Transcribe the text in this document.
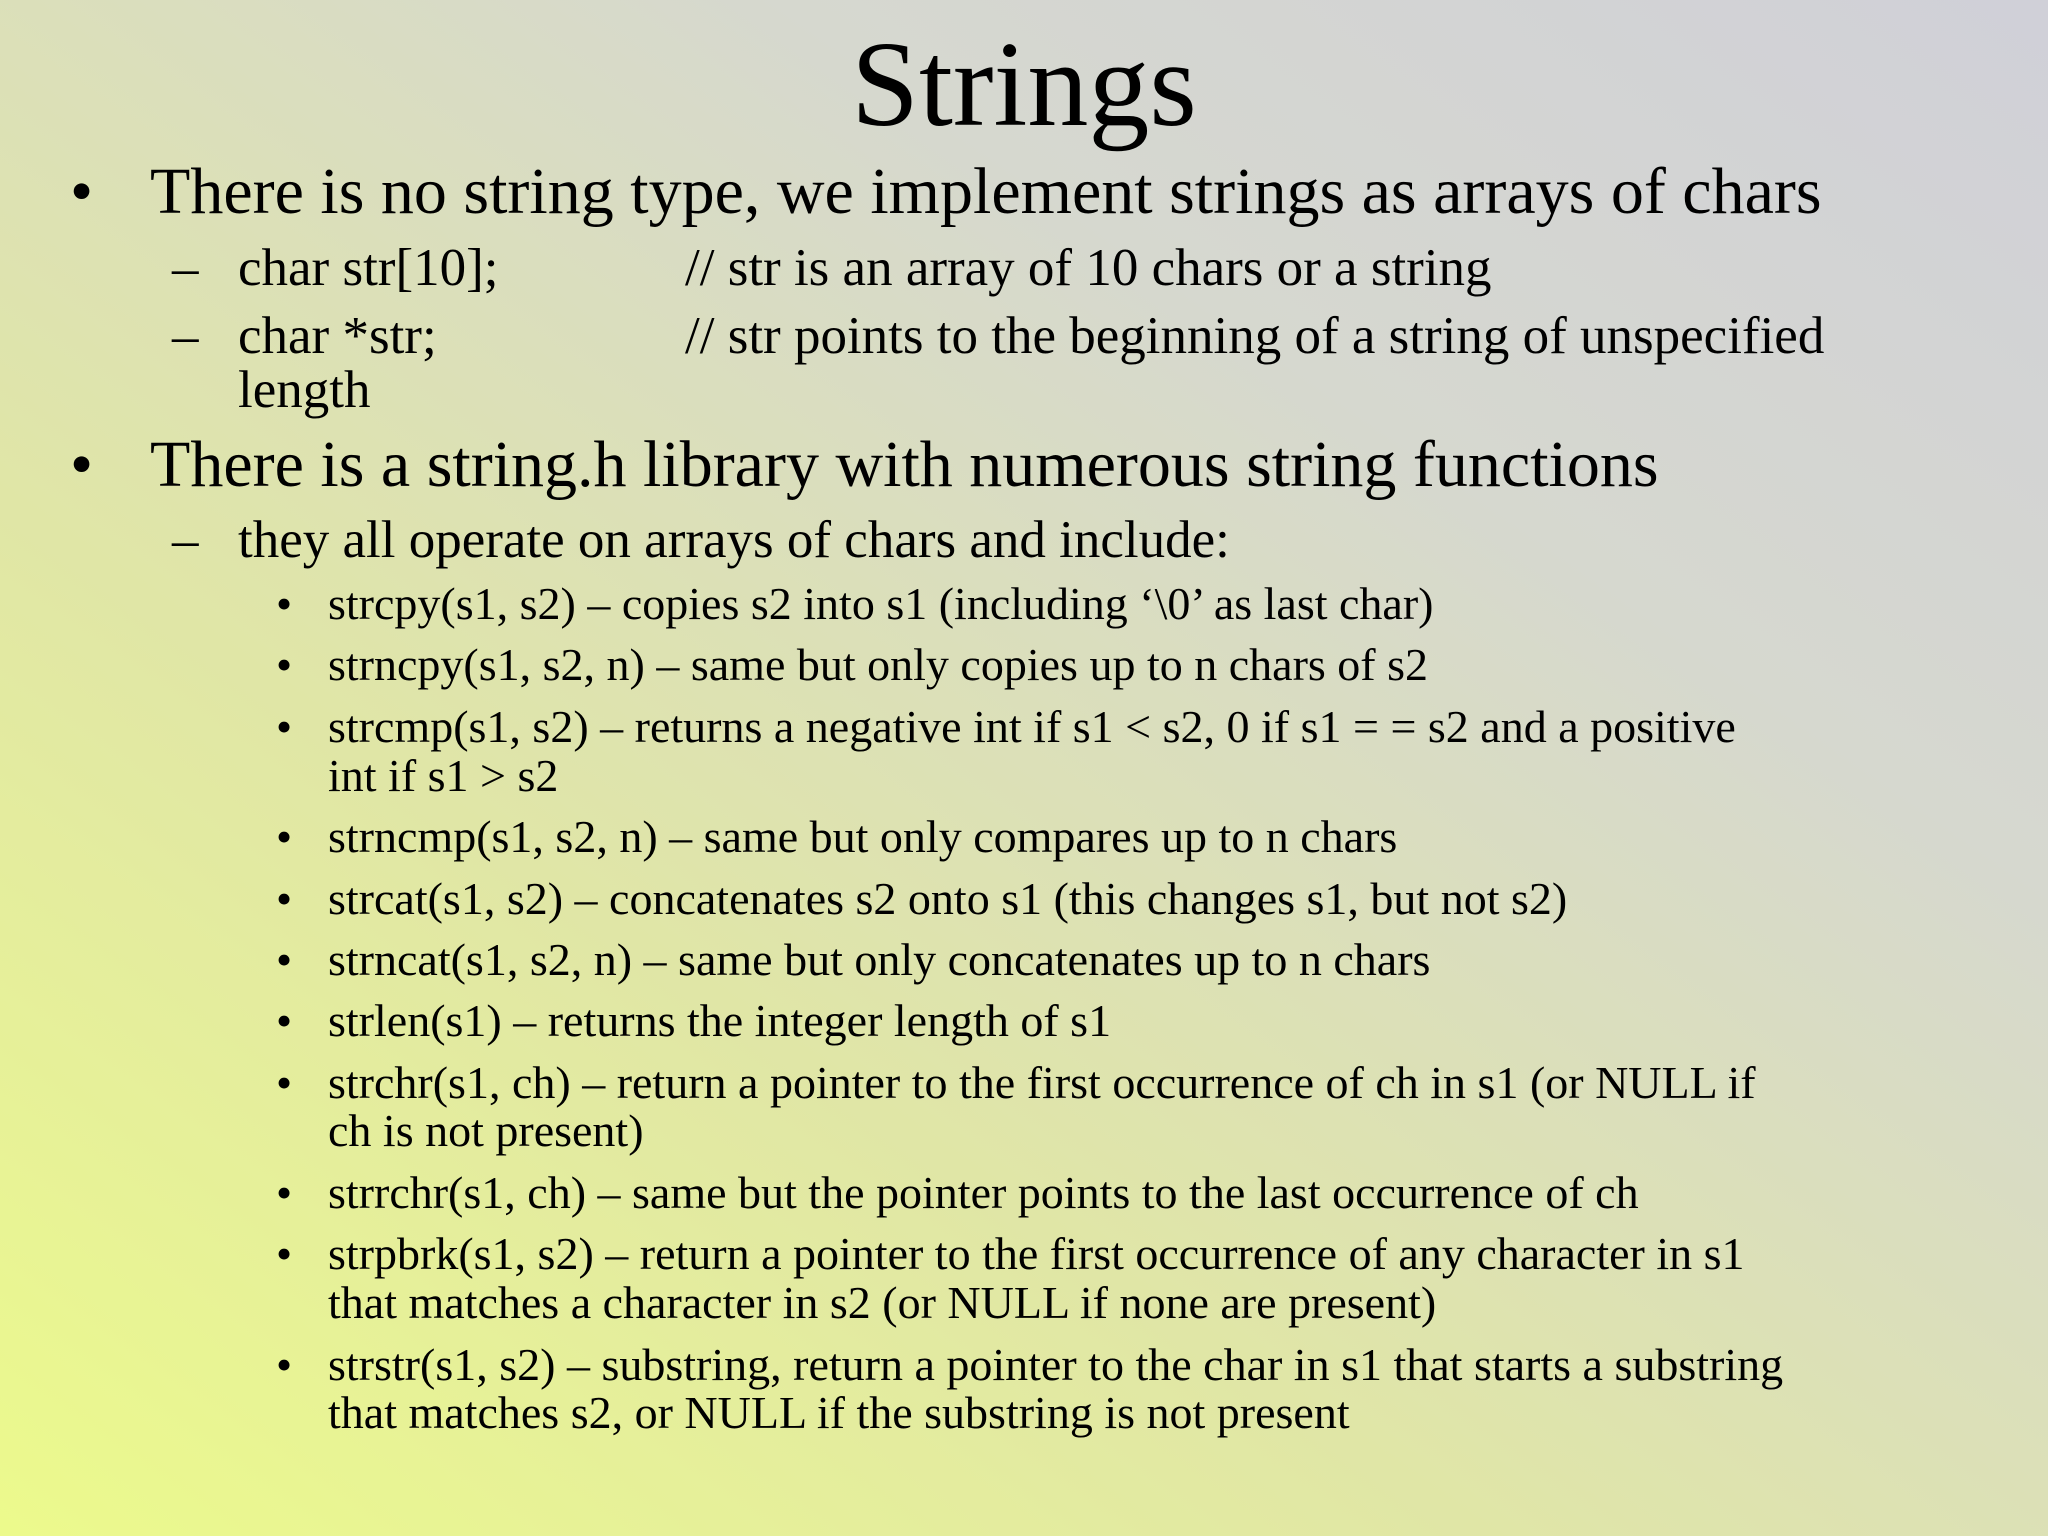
Strings
• There is no string type, we implement strings as arrays of chars
– char str[10];	// str is an array of 10 chars or a string
– char *str;	// str points to the beginning of a string of unspecified
length
• There is a string.h library with numerous string functions
– they all operate on arrays of chars and include:
• strcpy(s1, s2) – copies s2 into s1 (including ‘\0’ as last char)
• strncpy(s1, s2, n) – same but only copies up to n chars of s2
• strcmp(s1, s2) – returns a negative int if s1 < s2, 0 if s1 = = s2 and a positive
int if s1 > s2
• strncmp(s1, s2, n) – same but only compares up to n chars
• strcat(s1, s2) – concatenates s2 onto s1 (this changes s1, but not s2)
• strncat(s1, s2, n) – same but only concatenates up to n chars
• strlen(s1) – returns the integer length of s1
• strchr(s1, ch) – return a pointer to the first occurrence of ch in s1 (or NULL if
ch is not present)
• strrchr(s1, ch) – same but the pointer points to the last occurrence of ch
• strpbrk(s1, s2) – return a pointer to the first occurrence of any character in s1
that matches a character in s2 (or NULL if none are present)
• strstr(s1, s2) – substring, return a pointer to the char in s1 that starts a substring
that matches s2, or NULL if the substring is not present
